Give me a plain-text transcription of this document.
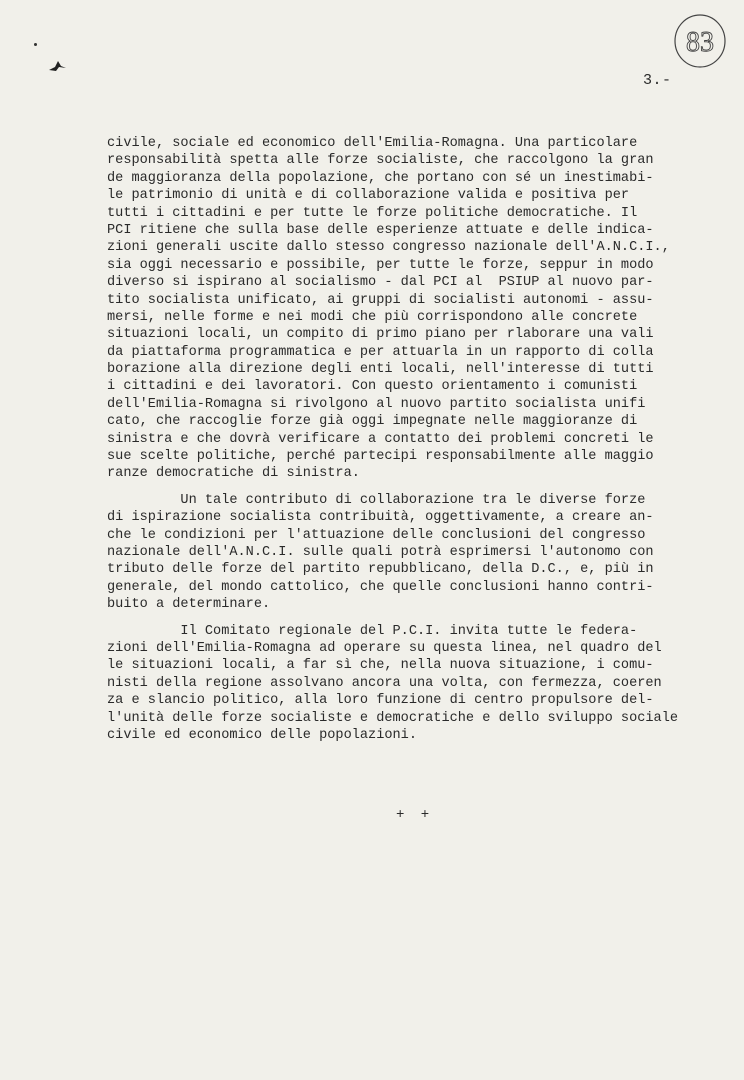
83
3.-
civile, sociale ed economico dell'Emilia-Romagna. Una particolare
responsabilità spetta alle forze socialiste, che raccolgono la gran
de maggioranza della popolazione, che portano con sé un inestimabi-
le patrimonio di unità e di collaborazione valida e positiva per
tutti i cittadini e per tutte le forze politiche democratiche. Il
PCI ritiene che sulla base delle esperienze attuate e delle indica-
zioni generali uscite dallo stesso congresso nazionale dell'A.N.C.I.,
sia oggi necessario e possibile, per tutte le forze, seppur in modo
diverso si ispirano al socialismo - dal PCI al  PSIUP al nuovo par-
tito socialista unificato, ai gruppi di socialisti autonomi - assu-
mersi, nelle forme e nei modi che più corrispondono alle concrete
situazioni locali, un compito di primo piano per rlaborare una vali
da piattaforma programmatica e per attuarla in un rapporto di colla
borazione alla direzione degli enti locali, nell'interesse di tutti
i cittadini e dei lavoratori. Con questo orientamento i comunisti
dell'Emilia-Romagna si rivolgono al nuovo partito socialista unifi
cato, che raccoglie forze già oggi impegnate nelle maggioranze di
sinistra e che dovrà verificare a contatto dei problemi concreti le
sue scelte politiche, perché partecipi responsabilmente alle maggio
ranze democratiche di sinistra.
Un tale contributo di collaborazione tra le diverse forze
di ispirazione socialista contribuità, oggettivamente, a creare an-
che le condizioni per l'attuazione delle conclusioni del congresso
nazionale dell'A.N.C.I. sulle quali potrà esprimersi l'autonomo con
tributo delle forze del partito repubblicano, della D.C., e, più in
generale, del mondo cattolico, che quelle conclusioni hanno contri-
buito a determinare.
Il Comitato regionale del P.C.I. invita tutte le federa-
zioni dell'Emilia-Romagna ad operare su questa linea, nel quadro del
le situazioni locali, a far sì che, nella nuova situazione, i comu-
nisti della regione assolvano ancora una volta, con fermezza, coeren
za e slancio politico, alla loro funzione di centro propulsore del-
l'unità delle forze socialiste e democratiche e dello sviluppo sociale
civile ed economico delle popolazioni.
+ +
